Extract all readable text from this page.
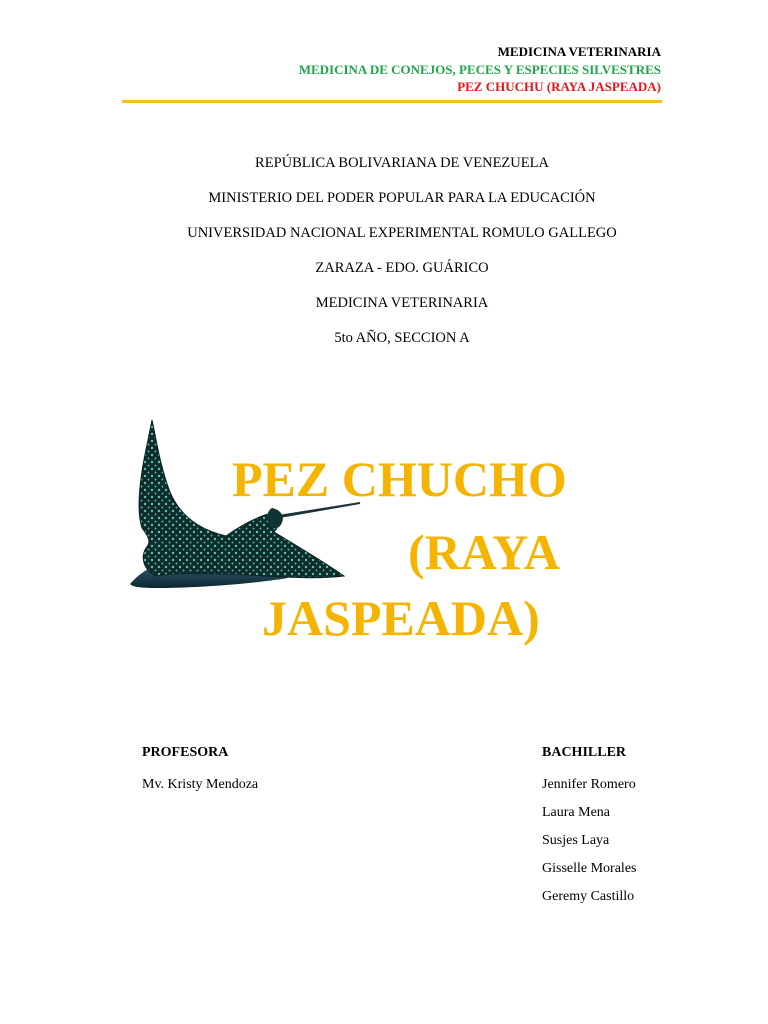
MEDICINA VETERINARIA
MEDICINA DE CONEJOS, PECES Y ESPECIES SILVESTRES
PEZ CHUCHU (RAYA JASPEADA)
REPÚBLICA BOLIVARIANA DE VENEZUELA
MINISTERIO DEL PODER POPULAR PARA LA EDUCACIÓN
UNIVERSIDAD NACIONAL EXPERIMENTAL ROMULO GALLEGO
ZARAZA - EDO. GUÁRICO
MEDICINA VETERINARIA
5to AÑO, SECCION A
PEZ CHUCHO
(RAYA
JASPEADA)
PROFESORA
Mv. Kristy Mendoza
BACHILLER
Jennifer Romero
Laura Mena
Susjes Laya
Gisselle Morales
Geremy Castillo
